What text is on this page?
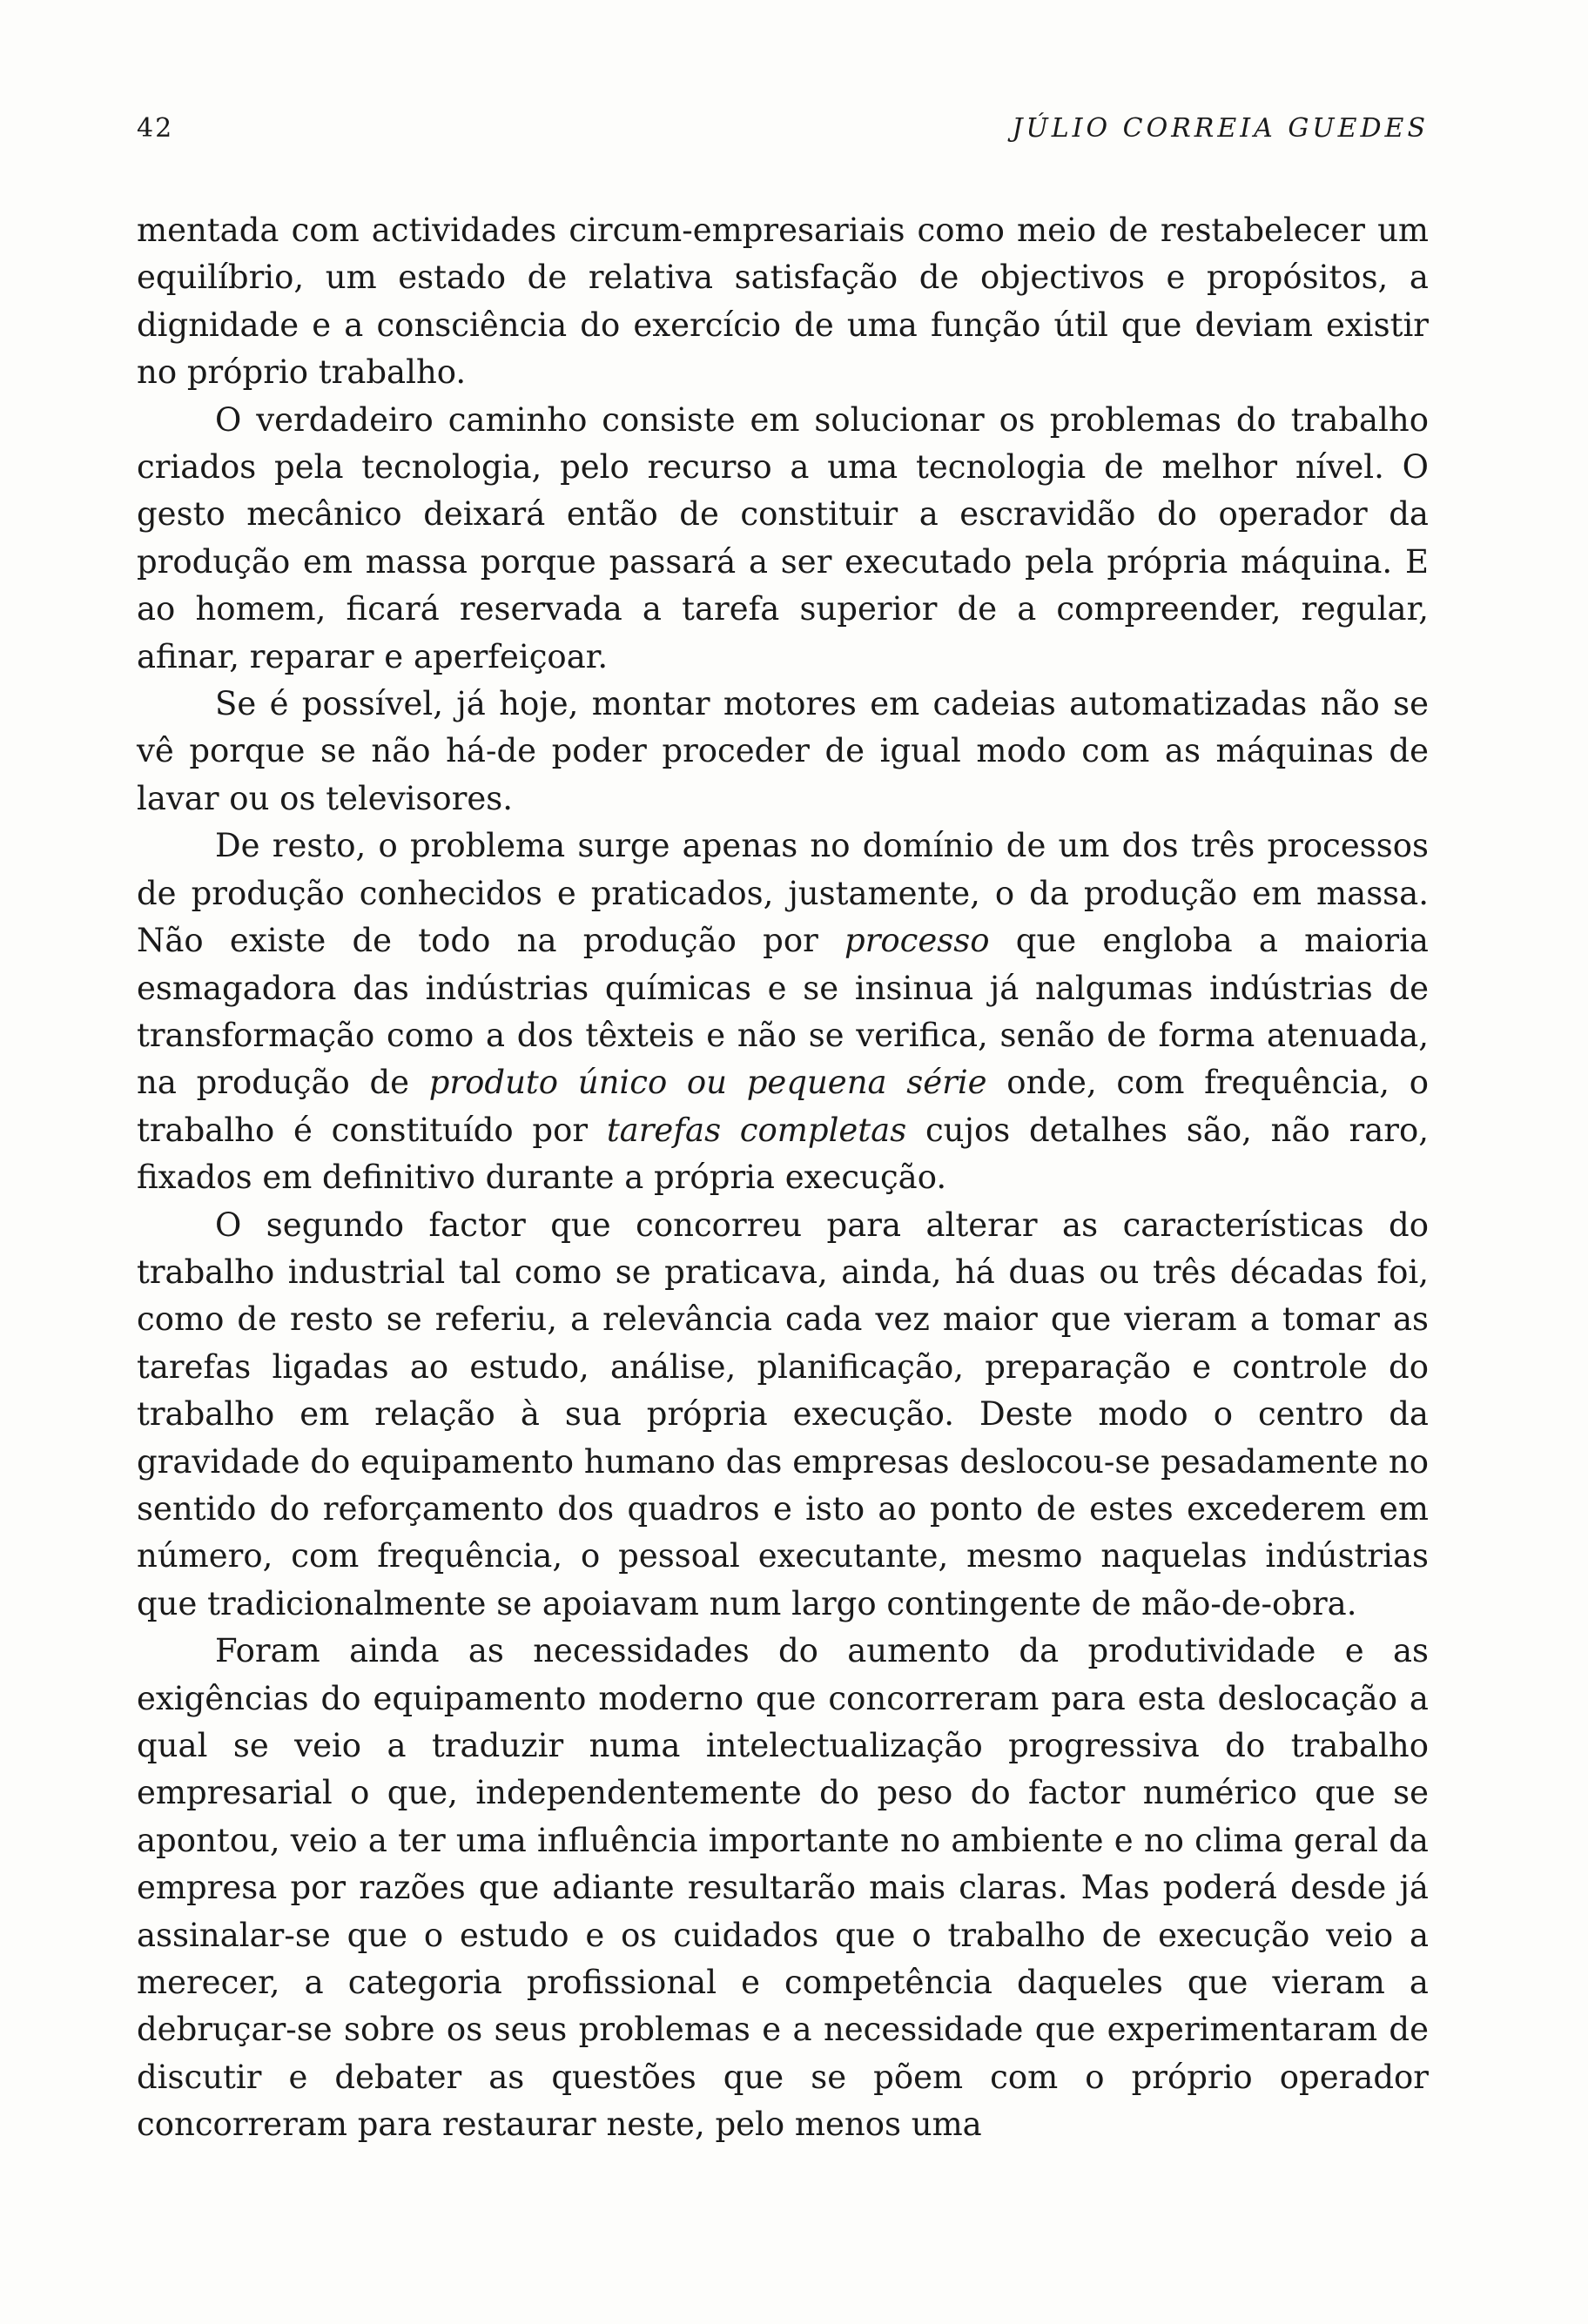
42	JÚLIO CORREIA GUEDES

mentada com actividades circum-empresariais como meio de restabelecer um equilíbrio, um estado de relativa satisfação de objectivos e propósitos, a dignidade e a consciência do exercício de uma função útil que deviam existir no próprio trabalho.

O verdadeiro caminho consiste em solucionar os problemas do trabalho criados pela tecnologia, pelo recurso a uma tecnologia de melhor nível. O gesto mecânico deixará então de constituir a escravidão do operador da produção em massa porque passará a ser executado pela própria máquina. E ao homem, ficará reservada a tarefa superior de a compreender, regular, afinar, reparar e aperfeiçoar.

Se é possível, já hoje, montar motores em cadeias automatizadas não se vê porque se não há-de poder proceder de igual modo com as máquinas de lavar ou os televisores.

De resto, o problema surge apenas no domínio de um dos três processos de produção conhecidos e praticados, justamente, o da produção em massa. Não existe de todo na produção por processo que engloba a maioria esmagadora das indústrias químicas e se insinua já nalgumas indústrias de transformação como a dos têxteis e não se verifica, senão de forma atenuada, na produção de produto único ou pequena série onde, com frequência, o trabalho é constituído por tarefas completas cujos detalhes são, não raro, fixados em definitivo durante a própria execução.

O segundo factor que concorreu para alterar as características do trabalho industrial tal como se praticava, ainda, há duas ou três décadas foi, como de resto se referiu, a relevância cada vez maior que vieram a tomar as tarefas ligadas ao estudo, análise, planificação, preparação e controle do trabalho em relação à sua própria execução. Deste modo o centro da gravidade do equipamento humano das empresas deslocou-se pesadamente no sentido do reforçamento dos quadros e isto ao ponto de estes excederem em número, com frequência, o pessoal executante, mesmo naquelas indústrias que tradicionalmente se apoiavam num largo contingente de mão-de-obra.

Foram ainda as necessidades do aumento da produtividade e as exigências do equipamento moderno que concorreram para esta deslocação a qual se veio a traduzir numa intelectualização progressiva do trabalho empresarial o que, independentemente do peso do factor numérico que se apontou, veio a ter uma influência importante no ambiente e no clima geral da empresa por razões que adiante resultarão mais claras. Mas poderá desde já assinalar-se que o estudo e os cuidados que o trabalho de execução veio a merecer, a categoria profissional e competência daqueles que vieram a debruçar-se sobre os seus problemas e a necessidade que experimentaram de discutir e debater as questões que se põem com o próprio operador concorreram para restaurar neste, pelo menos uma
